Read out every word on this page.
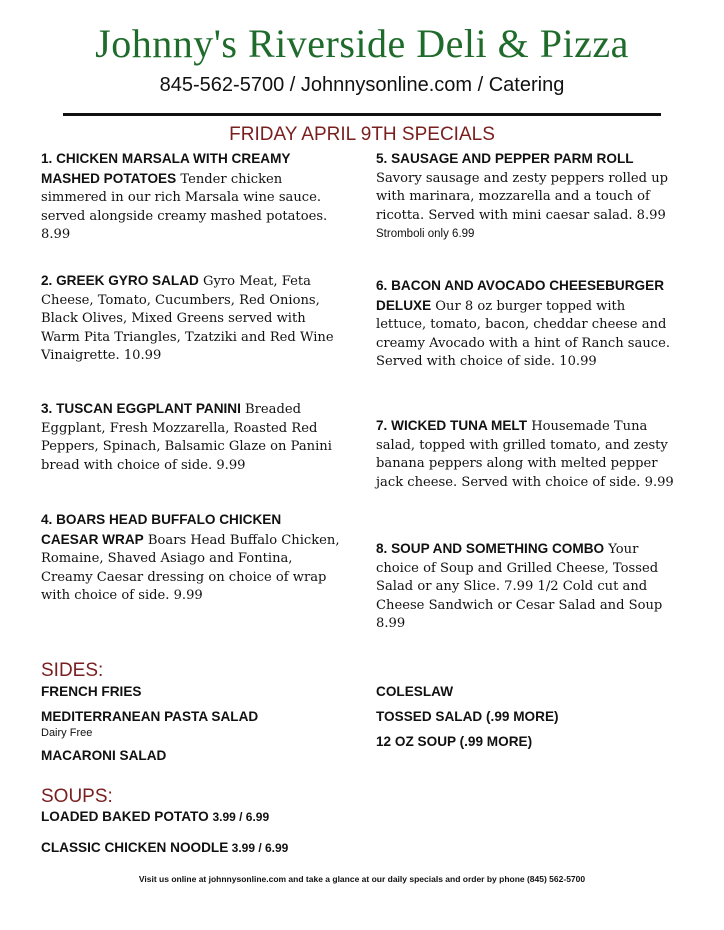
Johnny's Riverside Deli & Pizza
845-562-5700 / Johnnysonline.com / Catering
FRIDAY APRIL 9TH SPECIALS
1. CHICKEN MARSALA WITH CREAMY MASHED POTATOES Tender chicken simmered in our rich Marsala wine sauce. served alongside creamy mashed potatoes. 8.99
2. GREEK GYRO SALAD Gyro Meat, Feta Cheese, Tomato, Cucumbers, Red Onions, Black Olives, Mixed Greens served with Warm Pita Triangles, Tzatziki and Red Wine Vinaigrette. 10.99
3. TUSCAN EGGPLANT PANINI Breaded Eggplant, Fresh Mozzarella, Roasted Red Peppers, Spinach, Balsamic Glaze on Panini bread with choice of side. 9.99
4. BOARS HEAD BUFFALO CHICKEN CAESAR WRAP Boars Head Buffalo Chicken, Romaine, Shaved Asiago and Fontina, Creamy Caesar dressing on choice of wrap with choice of side. 9.99
5. SAUSAGE AND PEPPER PARM ROLL Savory sausage and zesty peppers rolled up with marinara, mozzarella and a touch of ricotta. Served with mini caesar salad. 8.99 Stromboli only 6.99
6. BACON AND AVOCADO CHEESEBURGER DELUXE Our 8 oz burger topped with lettuce, tomato, bacon, cheddar cheese and creamy Avocado with a hint of Ranch sauce. Served with choice of side. 10.99
7. WICKED TUNA MELT Housemade Tuna salad, topped with grilled tomato, and zesty banana peppers along with melted pepper jack cheese. Served with choice of side. 9.99
8. SOUP AND SOMETHING COMBO Your choice of Soup and Grilled Cheese, Tossed Salad or any Slice. 7.99 1/2 Cold cut and Cheese Sandwich or Cesar Salad and Soup 8.99
SIDES:
FRENCH FRIES
MEDITERRANEAN PASTA SALAD
Dairy Free
MACARONI SALAD
COLESLAW
TOSSED SALAD (.99 MORE)
12 OZ SOUP (.99 MORE)
SOUPS:
LOADED BAKED POTATO 3.99 / 6.99
CLASSIC CHICKEN NOODLE 3.99 / 6.99
Visit us online at johnnysonline.com and take a glance at our daily specials and order by phone (845) 562-5700
